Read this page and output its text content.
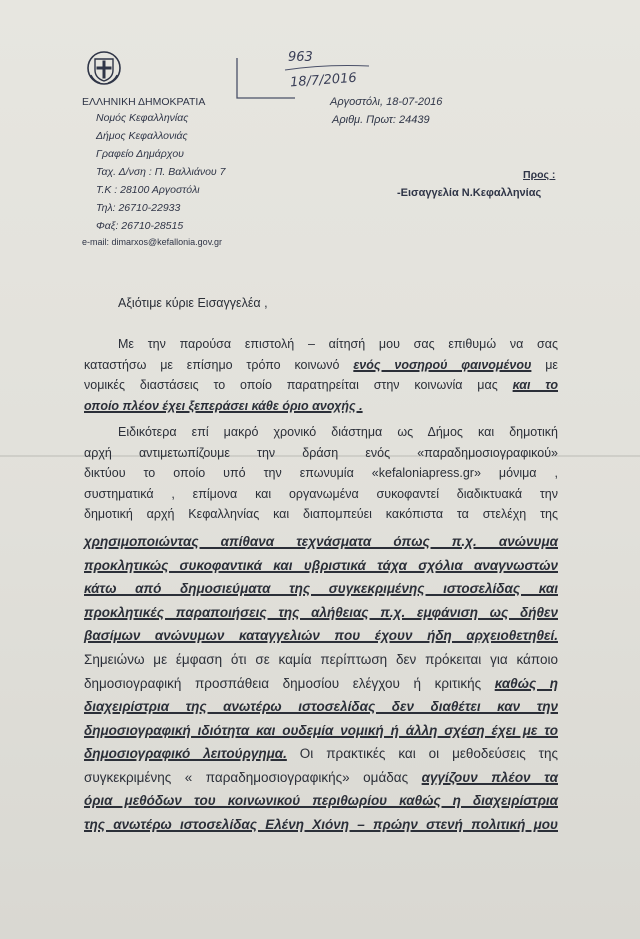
ΕΛΛΗΝΙΚΗ ΔΗΜΟΚΡΑΤΙΑ
Νομός Κεφαλληνίας
Δήμος Κεφαλλονιάς
Γραφείο Δημάρχου
Ταχ. Δ/νση : Π. Βαλλιάνου 7
Τ.Κ : 28100 Αργοστόλι
Τηλ: 26710-22933
Φαξ: 26710-28515
e-mail: dimarxos@kefallonia.gov.gr
963
18/7/2016
Αργοστόλι, 18-07-2016
Αριθμ. Πρωτ: 24439
Προς :
-Εισαγγελία Ν.Κεφαλληνίας
Αξιότιμε κύριε Εισαγγελέα ,
Με την παρούσα επιστολή – αίτησή μου σας επιθυμώ να σας
καταστήσω με επίσημο τρόπο κοινωνό ενός νοσηρού φαινομένου με
νομικές διαστάσεις το οποίο παρατηρείται στην κοινωνία μας και το
οποίο πλέον έχει ξεπεράσει κάθε όριο ανοχής .
Ειδικότερα επί μακρό χρονικό διάστημα ως Δήμος και δημοτική
αρχή αντιμετωπίζουμε την δράση ενός «παραδημοσιογραφικού»
δικτύου το οποίο υπό την επωνυμία «kefaloniapress.gr» μόνιμα ,
συστηματικά , επίμονα και οργανωμένα συκοφαντεί διαδικτυακά την
δημοτική αρχή Κεφαλληνίας και διαπομπεύει κακόπιστα τα στελέχη της
χρησιμοποιώντας απίθανα τεχνάσματα όπως π.χ. ανώνυμα
προκλητικώς συκοφαντικά και υβριστικά τάχα σχόλια αναγνωστών
κάτω από δημοσιεύματα της συγκεκριμένης ιστοσελίδας και
προκλητικές παραποιήσεις της αλήθειας π.χ. εμφάνιση ως δήθεν
βασίμων ανώνυμων καταγγελιών που έχουν ήδη αρχειοθετηθεί.
Σημειώνω με έμφαση ότι σε καμία περίπτωση δεν πρόκειται για κάποιο
δημοσιογραφική προσπάθεια δημοσίου ελέγχου ή κριτικής καθώς η
διαχειρίστρια της ανωτέρω ιστοσελίδας δεν διαθέτει καν την
δημοσιογραφική ιδιότητα και ουδεμία νομική ή άλλη σχέση έχει με το
δημοσιογραφικό λειτούργημα. Οι πρακτικές και οι μεθοδεύσεις της
συγκεκριμένης « παραδημοσιογραφικής» ομάδας αγγίζουν πλέον τα
όρια μεθόδων του κοινωνικού περιθωρίου καθώς η διαχειρίστρια
της ανωτέρω ιστοσελίδας Ελένη Χιόνη – πρώην στενή πολιτική μου
